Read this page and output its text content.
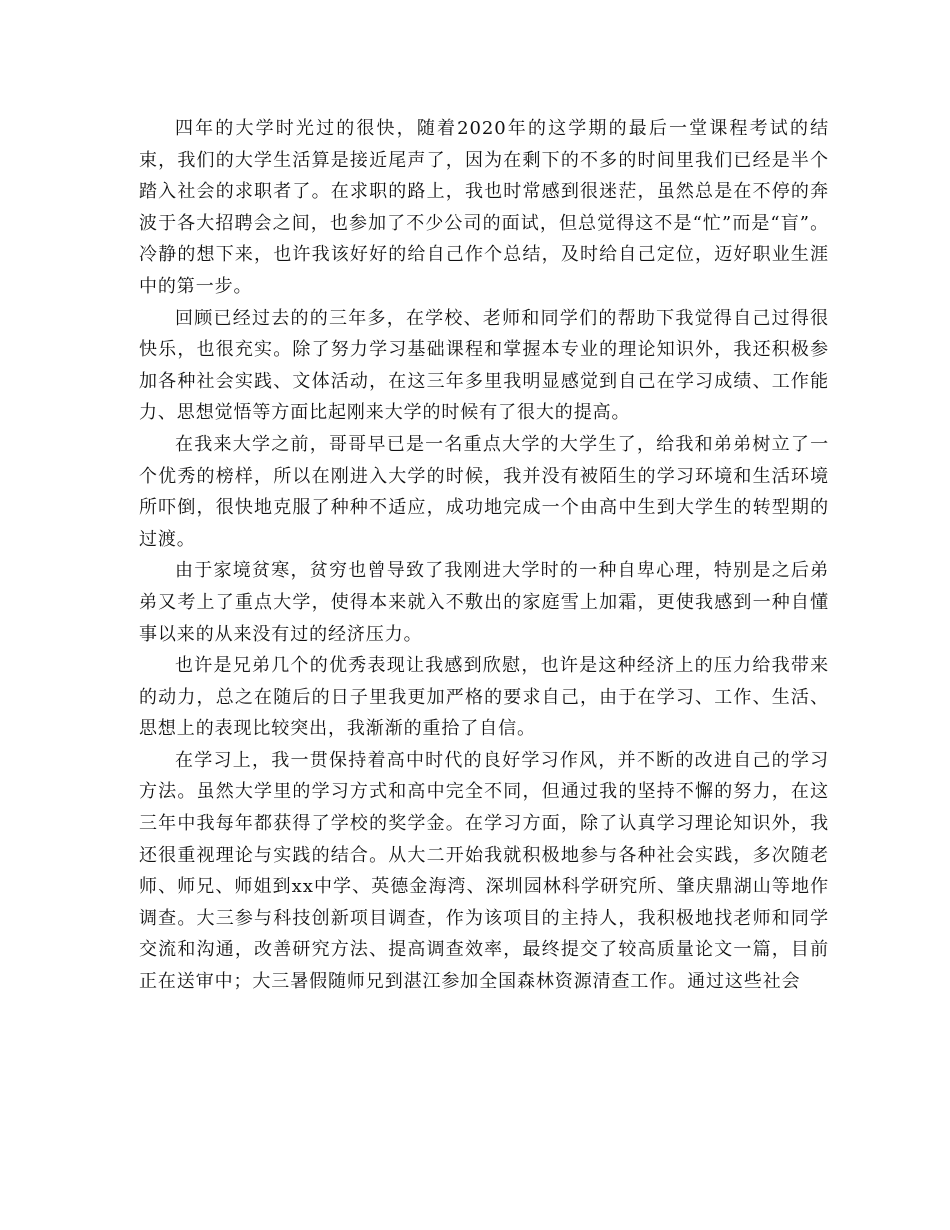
四年的大学时光过的很快，随着2020年的这学期的最后一堂课程考试的结束，我们的大学生活算是接近尾声了，因为在剩下的不多的时间里我们已经是半个踏入社会的求职者了。在求职的路上，我也时常感到很迷茫，虽然总是在不停的奔波于各大招聘会之间，也参加了不少公司的面试，但总觉得这不是“忙”而是“盲”。冷静的想下来，也许我该好好的给自己作个总结，及时给自己定位，迈好职业生涯中的第一步。

回顾已经过去的的三年多，在学校、老师和同学们的帮助下我觉得自己过得很快乐，也很充实。除了努力学习基础课程和掌握本专业的理论知识外，我还积极参加各种社会实践、文体活动，在这三年多里我明显感觉到自己在学习成绩、工作能力、思想觉悟等方面比起刚来大学的时候有了很大的提高。

在我来大学之前，哥哥早已是一名重点大学的大学生了，给我和弟弟树立了一个优秀的榜样，所以在刚进入大学的时候，我并没有被陌生的学习环境和生活环境所吓倒，很快地克服了种种不适应，成功地完成一个由高中生到大学生的转型期的过渡。

由于家境贫寒，贫穷也曾导致了我刚进大学时的一种自卑心理，特别是之后弟弟又考上了重点大学，使得本来就入不敷出的家庭雪上加霜，更使我感到一种自懂事以来的从来没有过的经济压力。

也许是兄弟几个的优秀表现让我感到欣慰，也许是这种经济上的压力给我带来的动力，总之在随后的日子里我更加严格的要求自己，由于在学习、工作、生活、思想上的表现比较突出，我渐渐的重拾了自信。

在学习上，我一贯保持着高中时代的良好学习作风，并不断的改进自己的学习方法。虽然大学里的学习方式和高中完全不同，但通过我的坚持不懈的努力，在这三年中我每年都获得了学校的奖学金。在学习方面，除了认真学习理论知识外，我还很重视理论与实践的结合。从大二开始我就积极地参与各种社会实践，多次随老师、师兄、师姐到xx中学、英德金海湾、深圳园林科学研究所、肇庆鼎湖山等地作调查。大三参与科技创新项目调查，作为该项目的主持人，我积极地找老师和同学交流和沟通，改善研究方法、提高调查效率，最终提交了较高质量论文一篇，目前正在送审中；大三暑假随师兄到湛江参加全国森林资源清查工作。通过这些社会
